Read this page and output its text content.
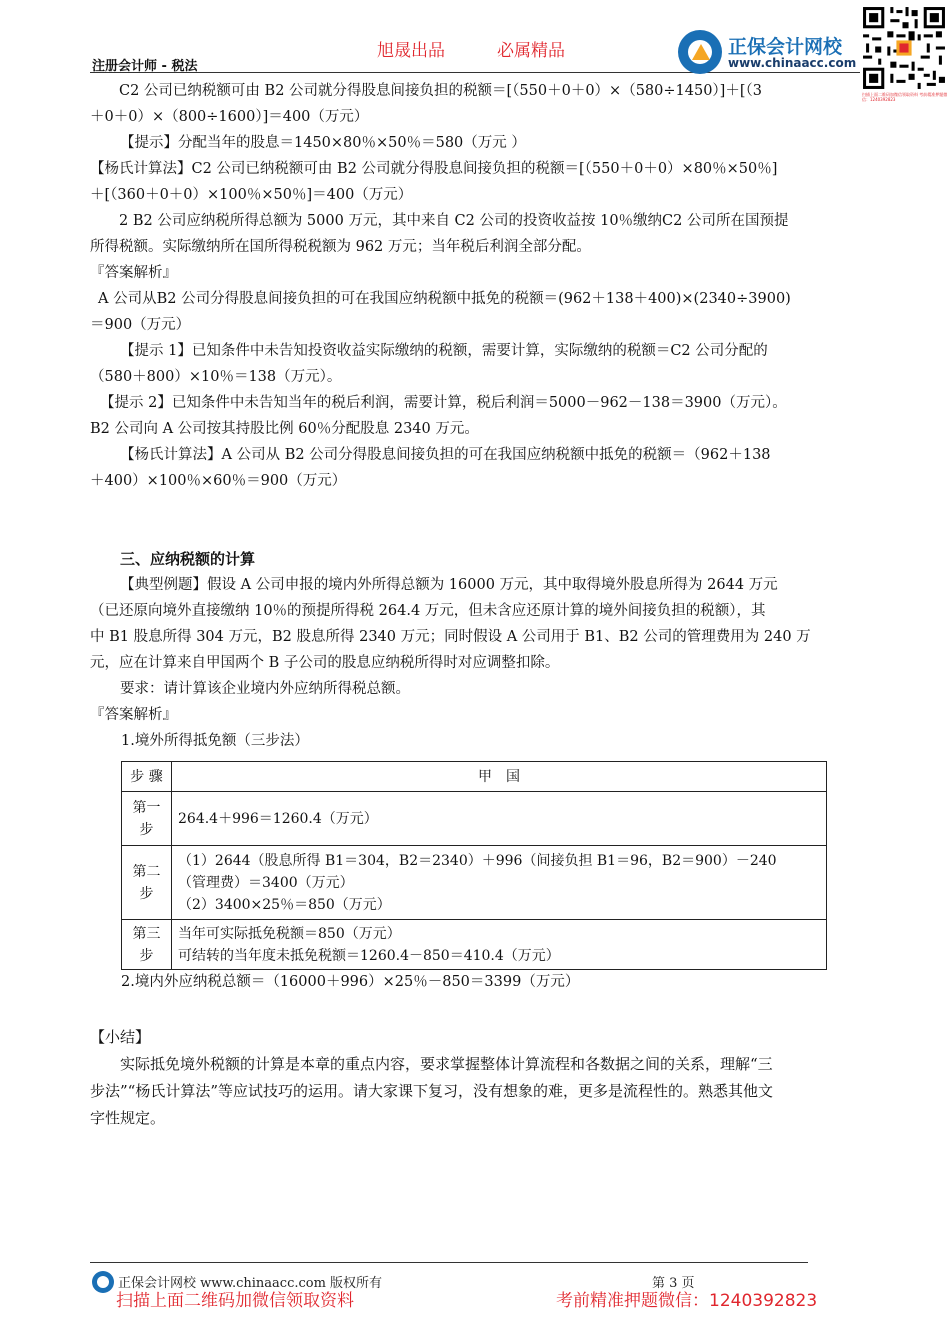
注册会计师 - 税法
旭晟出品	必属精品	正保会计网校
www.chinaacc.com
扫描上面二维码加微信领取资料 考前精准押题微信：1240392823

C2 公司已纳税额可由 B2 公司就分得股息间接负担的税额＝[（550＋0＋0）×（580÷1450）]＋[（3

＋0＋0）×（800÷1600）]＝400（万元）

【提示】分配当年的股息＝1450×80％×50％＝580（万元 ）

【杨氏计算法】C2 公司已纳税额可由 B2 公司就分得股息间接负担的税额＝[（550＋0＋0）×80％×50％]

＋[（360＋0＋0）×100％×50％]＝400（万元）

2 B2 公司应纳税所得总额为 5000 万元，其中来自 C2 公司的投资收益按 10％缴纳C2 公司所在国预提

所得税额。实际缴纳所在国所得税税额为 962 万元；当年税后利润全部分配。

『答案解析』

A 公司从B2 公司分得股息间接负担的可在我国应纳税额中抵免的税额＝(962＋138＋400)×(2340÷3900)

＝900（万元）

【提示 1】已知条件中未告知投资收益实际缴纳的税额，需要计算，实际缴纳的税额＝C2 公司分配的

（580＋800）×10％＝138（万元）。

【提示 2】已知条件中未告知当年的税后利润，需要计算，税后利润＝5000－962－138＝3900（万元）。

B2 公司向 A 公司按其持股比例 60％分配股息 2340 万元。

【杨氏计算法】A 公司从 B2 公司分得股息间接负担的可在我国应纳税额中抵免的税额＝（962＋138

＋400）×100％×60％＝900（万元）

三、应纳税额的计算

【典型例题】假设 A 公司申报的境内外所得总额为 16000 万元，其中取得境外股息所得为 2644 万元

（已还原向境外直接缴纳 10％的预提所得税 264.4 万元，但未含应还原计算的境外间接负担的税额），其

中 B1 股息所得 304 万元，B2 股息所得 2340 万元；同时假设 A 公司用于 B1、B2 公司的管理费用为 240 万

元，应在计算来自甲国两个 B 子公司的股息应纳税所得时对应调整扣除。

要求：请计算该企业境内外应纳所得税总额。

『答案解析』

1.境外所得抵免额（三步法）

步 骤	甲　国
第一步	264.4＋996＝1260.4（万元）
第二步	（1）2644（股息所得 B1＝304，B2＝2340）＋996（间接负担 B1＝96，B2＝900）－240
（管理费）＝3400（万元）
（2）3400×25％＝850（万元）

第三步	当年可实际抵免税额＝850（万元）
可结转的当年度未抵免税额＝1260.4－850＝410.4（万元）
2.境内外应纳税总额＝（16000＋996）×25％－850＝3399（万元）

【小结】

实际抵免境外税额的计算是本章的重点内容，要求掌握整体计算流程和各数据之间的关系，理解“三

步法”“杨氏计算法”等应试技巧的运用。请大家课下复习，没有想象的难，更多是流程性的。熟悉其他文

字性规定。

正保会计网校 www.chinaacc.com 版权所有	第 3 页
扫描上面二维码加微信领取资料	考前精准押题微信：1240392823
